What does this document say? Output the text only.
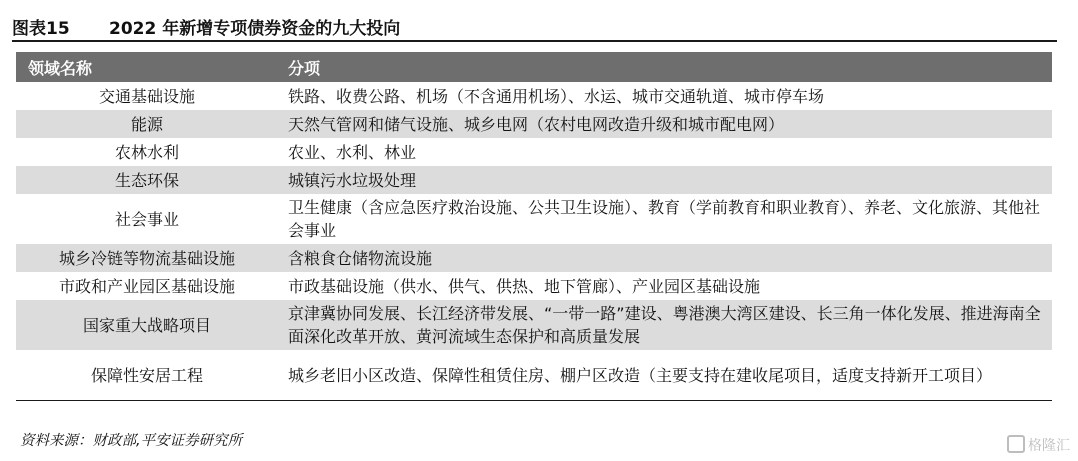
图表15 2022 年新增专项债券资金的九大投向
领域名称	分项
交通基础设施	铁路、收费公路、机场（不含通用机场）、水运、城市交通轨道、城市停车场
能源	天然气管网和储气设施、城乡电网（农村电网改造升级和城市配电网）
农林水利	农业、水利、林业
生态环保	城镇污水垃圾处理
社会事业	卫生健康（含应急医疗救治设施、公共卫生设施）、教育（学前教育和职业教育）、养老、文化旅游、其他社会事业
城乡冷链等物流基础设施	含粮食仓储物流设施
市政和产业园区基础设施	市政基础设施（供水、供气、供热、地下管廊）、产业园区基础设施
国家重大战略项目	京津冀协同发展、长江经济带发展、“一带一路”建设、粤港澳大湾区建设、长三角一体化发展、推进海南全面深化改革开放、黄河流域生态保护和高质量发展
保障性安居工程	城乡老旧小区改造、保障性租赁住房、棚户区改造（主要支持在建收尾项目，适度支持新开工项目）
资料来源：财政部,平安证券研究所	格隆汇
